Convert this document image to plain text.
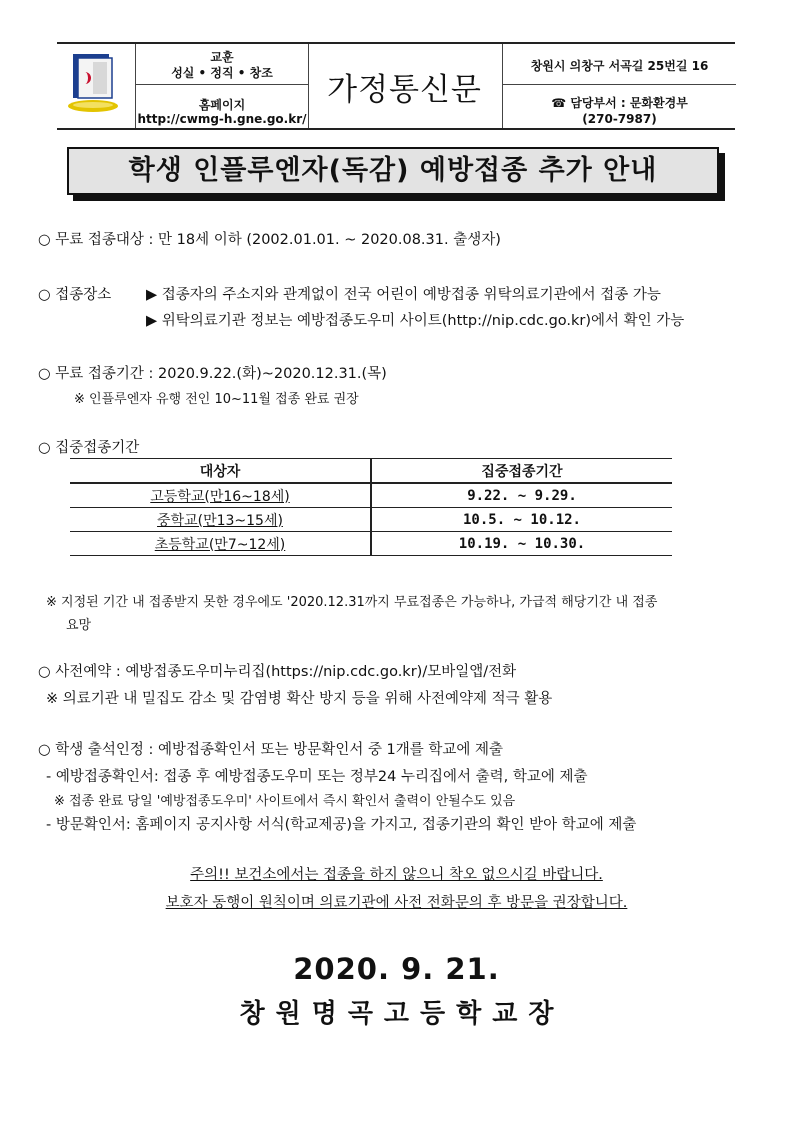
교훈
성실 • 정직 • 창조
홈페이지
http://cwmg-h.gne.go.kr/
가정통신문
창원시 의창구 서곡길 25번길 16
☎ 담당부서 : 문화환경부
(270-7987)
학생 인플루엔자(독감) 예방접종 추가 안내
○ 무료 접종대상 : 만 18세 이하 (2002.01.01. ~ 2020.08.31. 출생자)
○ 접종장소 ▶ 접종자의 주소지와 관계없이 전국 어린이 예방접종 위탁의료기관에서 접종 가능
▶ 위탁의료기관 정보는 예방접종도우미 사이트(http://nip.cdc.go.kr)에서 확인 가능
○ 무료 접종기간 : 2020.9.22.(화)~2020.12.31.(목)
※ 인플루엔자 유행 전인 10~11월 접종 완료 권장
○ 집중접종기간
대상자	집중접종기간
고등학교(만16~18세)	9.22. ~ 9.29.
중학교(만13~15세)	10.5. ~ 10.12.
초등학교(만7~12세)	10.19. ~ 10.30.
※ 지정된 기간 내 접종받지 못한 경우에도 '2020.12.31까지 무료접종은 가능하나, 가급적 해당기간 내 접종
요망
○ 사전예약 : 예방접종도우미누리집(https://nip.cdc.go.kr)/모바일앱/전화
※ 의료기관 내 밀집도 감소 및 감염병 확산 방지 등을 위해 사전예약제 적극 활용
○ 학생 출석인정 : 예방접종확인서 또는 방문확인서 중 1개를 학교에 제출
- 예방접종확인서: 접종 후 예방접종도우미 또는 정부24 누리집에서 출력, 학교에 제출
※ 접종 완료 당일 '예방접종도우미' 사이트에서 즉시 확인서 출력이 안될수도 있음
- 방문확인서: 홈페이지 공지사항 서식(학교제공)을 가지고, 접종기관의 확인 받아 학교에 제출
주의!! 보건소에서는 접종을 하지 않으니 착오 없으시길 바랍니다.
보호자 동행이 원칙이며 의료기관에 사전 전화문의 후 방문을 권장합니다.
2020. 9. 21.
창원명곡고등학교장
